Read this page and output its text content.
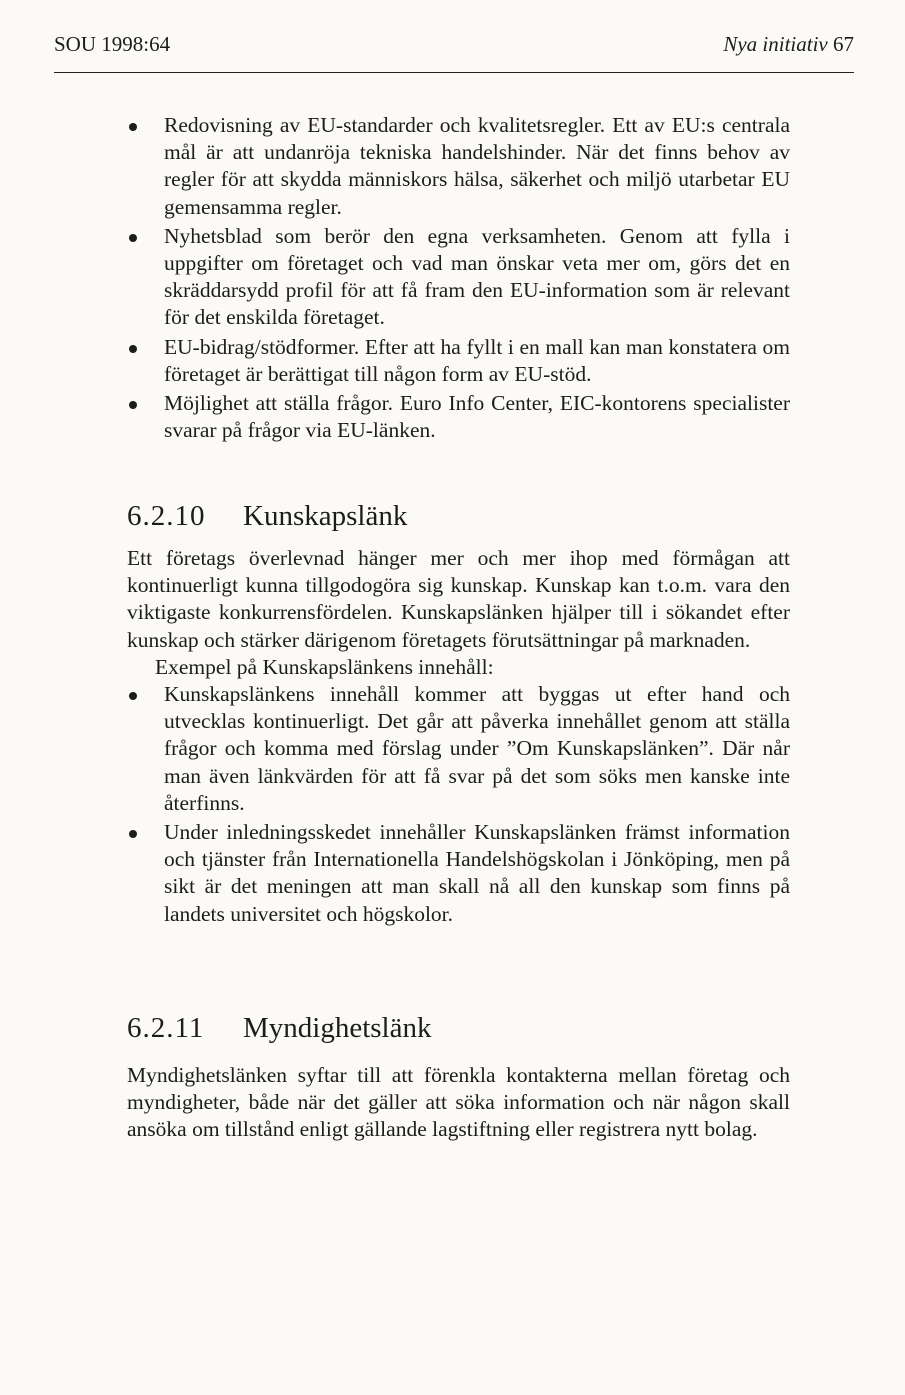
SOU 1998:64	Nya initiativ 67
Redovisning av EU-standarder och kvalitetsregler. Ett av EU:s centrala mål är att undanröja tekniska handelshinder. När det finns behov av regler för att skydda människors hälsa, säkerhet och miljö utarbetar EU gemensamma regler.
Nyhetsblad som berör den egna verksamheten. Genom att fylla i uppgifter om företaget och vad man önskar veta mer om, görs det en skräddarsydd profil för att få fram den EU-information som är relevant för det enskilda företaget.
EU-bidrag/stödformer. Efter att ha fyllt i en mall kan man konstatera om företaget är berättigat till någon form av EU-stöd.
Möjlighet att ställa frågor. Euro Info Center, EIC-kontorens specialister svarar på frågor via EU-länken.
6.2.10 Kunskapslänk

Ett företags överlevnad hänger mer och mer ihop med förmågan att kontinuerligt kunna tillgodogöra sig kunskap. Kunskap kan t.o.m. vara den viktigaste konkurrensfördelen. Kunskapslänken hjälper till i sökandet efter kunskap och stärker därigenom företagets förutsättningar på marknaden.

Exempel på Kunskapslänkens innehåll:

Kunskapslänkens innehåll kommer att byggas ut efter hand och utvecklas kontinuerligt. Det går att påverka innehållet genom att ställa frågor och komma med förslag under ”Om Kunskapslänken”. Där når man även länkvärden för att få svar på det som söks men kanske inte återfinns.
Under inledningsskedet innehåller Kunskapslänken främst information och tjänster från Internationella Handelshögskolan i Jönköping, men på sikt är det meningen att man skall nå all den kunskap som finns på landets universitet och högskolor.
6.2.11 Myndighetslänk

Myndighetslänken syftar till att förenkla kontakterna mellan företag och myndigheter, både när det gäller att söka information och när någon skall ansöka om tillstånd enligt gällande lagstiftning eller registrera nytt bolag.
